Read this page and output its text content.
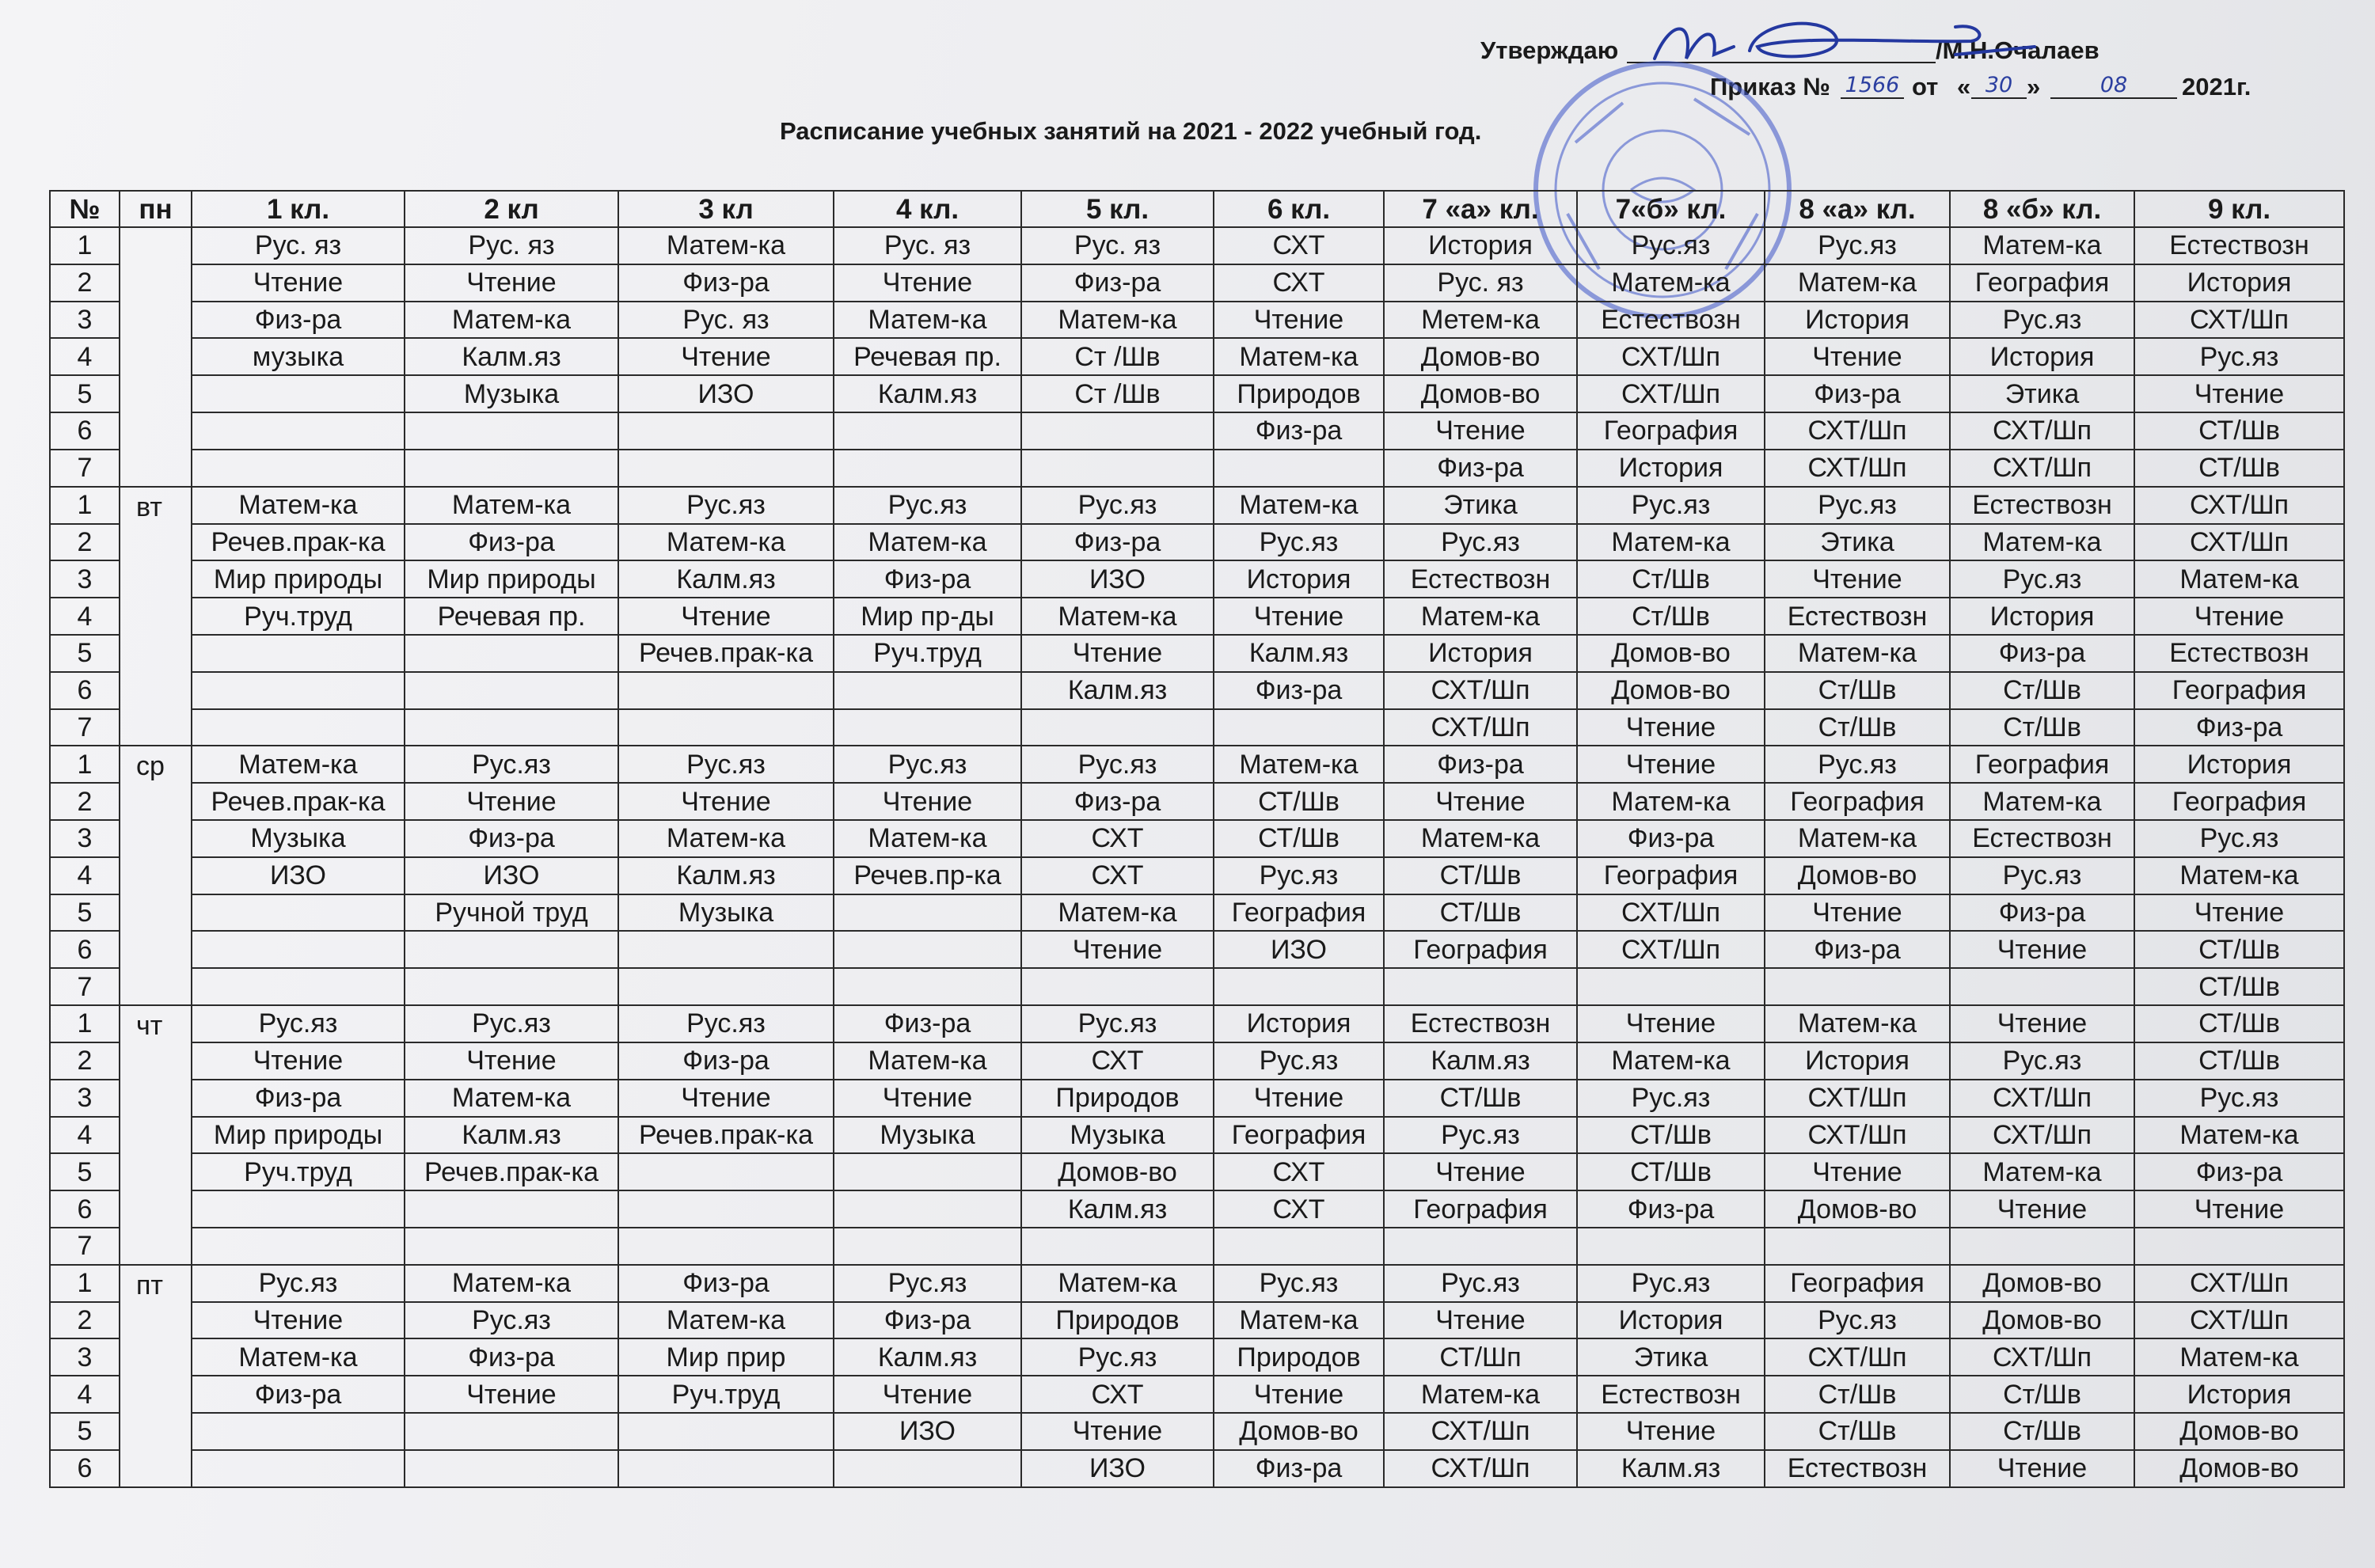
Утверждаю	/М.Н.Очалаев
Приказ № 1566 от « 30 »	08	2021г.
Расписание учебных занятий на 2021 - 2022 учебный год.
№	пн	1 кл.	2 кл	3 кл	4 кл.	5 кл.	6 кл.	7 «а» кл.	7«б» кл.	8 «а» кл.	8 «б» кл.	9 кл.
1		Рус. яз	Рус. яз	Матем-ка	Рус. яз	Рус. яз	СХТ	История	Рус.яз	Рус.яз	Матем-ка	Естествозн
2		Чтение	Чтение	Физ-ра	Чтение	Физ-ра	СХТ	Рус. яз	Матем-ка	Матем-ка	География	История
3		Физ-ра	Матем-ка	Рус. яз	Матем-ка	Матем-ка	Чтение	Метем-ка	Естествозн	История	Рус.яз	СХТ/Шп
4		музыка	Калм.яз	Чтение	Речевая пр.	Ст /Шв	Матем-ка	Домов-во	СХТ/Шп	Чтение	История	Рус.яз
5			Музыка	ИЗО	Калм.яз	Ст /Шв	Природов	Домов-во	СХТ/Шп	Физ-ра	Этика	Чтение
6							Физ-ра	Чтение	География	СХТ/Шп	СХТ/Шп	СТ/Шв
7								Физ-ра	История	СХТ/Шп	СХТ/Шп	СТ/Шв
1	вт	Матем-ка	Матем-ка	Рус.яз	Рус.яз	Рус.яз	Матем-ка	Этика	Рус.яз	Рус.яз	Естествозн	СХТ/Шп
2		Речев.прак-ка	Физ-ра	Матем-ка	Матем-ка	Физ-ра	Рус.яз	Рус.яз	Матем-ка	Этика	Матем-ка	СХТ/Шп
3		Мир природы	Мир природы	Калм.яз	Физ-ра	ИЗО	История	Естествозн	Ст/Шв	Чтение	Рус.яз	Матем-ка
4		Руч.труд	Речевая пр.	Чтение	Мир пр-ды	Матем-ка	Чтение	Матем-ка	Ст/Шв	Естествозн	История	Чтение
5				Речев.прак-ка	Руч.труд	Чтение	Калм.яз	История	Домов-во	Матем-ка	Физ-ра	Естествозн
6						Калм.яз	Физ-ра	СХТ/Шп	Домов-во	Ст/Шв	Ст/Шв	География
7								СХТ/Шп	Чтение	Ст/Шв	Ст/Шв	Физ-ра
1	ср	Матем-ка	Рус.яз	Рус.яз	Рус.яз	Рус.яз	Матем-ка	Физ-ра	Чтение	Рус.яз	География	История
2		Речев.прак-ка	Чтение	Чтение	Чтение	Физ-ра	СТ/Шв	Чтение	Матем-ка	География	Матем-ка	География
3		Музыка	Физ-ра	Матем-ка	Матем-ка	СХТ	СТ/Шв	Матем-ка	Физ-ра	Матем-ка	Естествозн	Рус.яз
4		ИЗО	ИЗО	Калм.яз	Речев.пр-ка	СХТ	Рус.яз	СТ/Шв	География	Домов-во	Рус.яз	Матем-ка
5			Ручной труд	Музыка		Матем-ка	География	СТ/Шв	СХТ/Шп	Чтение	Физ-ра	Чтение
6						Чтение	ИЗО	География	СХТ/Шп	Физ-ра	Чтение	СТ/Шв
7												СТ/Шв
1	чт	Рус.яз	Рус.яз	Рус.яз	Физ-ра	Рус.яз	История	Естествозн	Чтение	Матем-ка	Чтение	СТ/Шв
2		Чтение	Чтение	Физ-ра	Матем-ка	СХТ	Рус.яз	Калм.яз	Матем-ка	История	Рус.яз	СТ/Шв
3		Физ-ра	Матем-ка	Чтение	Чтение	Природов	Чтение	СТ/Шв	Рус.яз	СХТ/Шп	СХТ/Шп	Рус.яз
4		Мир природы	Калм.яз	Речев.прак-ка	Музыка	Музыка	География	Рус.яз	СТ/Шв	СХТ/Шп	СХТ/Шп	Матем-ка
5		Руч.труд	Речев.прак-ка			Домов-во	СХТ	Чтение	СТ/Шв	Чтение	Матем-ка	Физ-ра
6						Калм.яз	СХТ	География	Физ-ра	Домов-во	Чтение	Чтение
7												
1	пт	Рус.яз	Матем-ка	Физ-ра	Рус.яз	Матем-ка	Рус.яз	Рус.яз	Рус.яз	География	Домов-во	СХТ/Шп
2		Чтение	Рус.яз	Матем-ка	Физ-ра	Природов	Матем-ка	Чтение	История	Рус.яз	Домов-во	СХТ/Шп
3		Матем-ка	Физ-ра	Мир прир	Калм.яз	Рус.яз	Природов	СТ/Шп	Этика	СХТ/Шп	СХТ/Шп	Матем-ка
4		Физ-ра	Чтение	Руч.труд	Чтение	СХТ	Чтение	Матем-ка	Естествозн	Ст/Шв	Ст/Шв	История
5					ИЗО	Чтение	Домов-во	СХТ/Шп	Чтение	Ст/Шв	Ст/Шв	Домов-во
6						ИЗО	Физ-ра	СХТ/Шп	Калм.яз	Естествозн	Чтение	Домов-во
